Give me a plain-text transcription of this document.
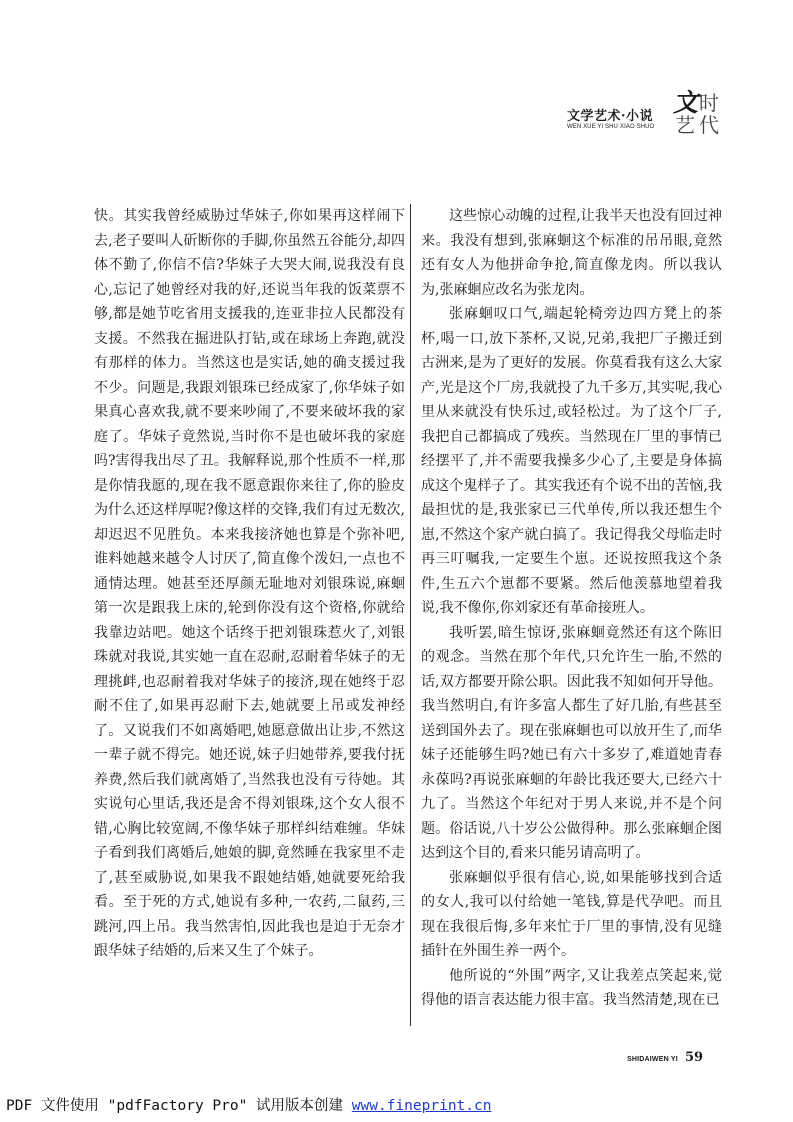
文学艺术·小说
WEN XUE YI SHU·XIAO SHUO
文 时
艺 代

快。其实我曾经威胁过华妹子,你如果再这样闹下去,老子要叫人斫断你的手脚,你虽然五谷能分,却四体不勤了,你信不信?华妹子大哭大闹,说我没有良心,忘记了她曾经对我的好,还说当年我的饭菜票不够,都是她节吃省用支援我的,连亚非拉人民都没有支援。不然我在掘进队打钻,或在球场上奔跑,就没有那样的体力。当然这也是实话,她的确支援过我不少。问题是,我跟刘银珠已经成家了,你华妹子如果真心喜欢我,就不要来吵闹了,不要来破坏我的家庭了。华妹子竟然说,当时你不是也破坏我的家庭吗?害得我出尽了丑。我解释说,那个性质不一样,那是你情我愿的,现在我不愿意跟你来往了,你的脸皮为什么还这样厚呢?像这样的交锋,我们有过无数次,却迟迟不见胜负。本来我接济她也算是个弥补吧,谁料她越来越令人讨厌了,简直像个泼妇,一点也不通情达理。她甚至还厚颜无耻地对刘银珠说,麻蛔第一次是跟我上床的,轮到你没有这个资格,你就给我靠边站吧。她这个话终于把刘银珠惹火了,刘银珠就对我说,其实她一直在忍耐,忍耐着华妹子的无理挑衅,也忍耐着我对华妹子的接济,现在她终于忍耐不住了,如果再忍耐下去,她就要上吊或发神经了。又说我们不如离婚吧,她愿意做出让步,不然这一辈子就不得完。她还说,妹子归她带养,要我付抚养费,然后我们就离婚了,当然我也没有亏待她。其实说句心里话,我还是舍不得刘银珠,这个女人很不错,心胸比较宽阔,不像华妹子那样纠结难缠。华妹子看到我们离婚后,她娘的脚,竟然睡在我家里不走了,甚至威胁说,如果我不跟她结婚,她就要死给我看。至于死的方式,她说有多种,一农药,二鼠药,三跳河,四上吊。我当然害怕,因此我也是迫于无奈才跟华妹子结婚的,后来又生了个妹子。

这些惊心动魄的过程,让我半天也没有回过神来。我没有想到,张麻蛔这个标准的吊吊眼,竟然还有女人为他拼命争抢,简直像龙肉。所以我认为,张麻蛔应改名为张龙肉。

张麻蛔叹口气,端起轮椅旁边四方凳上的茶杯,喝一口,放下茶杯,又说,兄弟,我把厂子搬迁到古洲来,是为了更好的发展。你莫看我有这么大家产,光是这个厂房,我就投了九千多万,其实呢,我心里从来就没有快乐过,或轻松过。为了这个厂子,我把自己都搞成了残疾。当然现在厂里的事情已经摆平了,并不需要我操多少心了,主要是身体搞成这个鬼样子了。其实我还有个说不出的苦恼,我最担忧的是,我张家已三代单传,所以我还想生个崽,不然这个家产就白搞了。我记得我父母临走时再三叮嘱我,一定要生个崽。还说按照我这个条件,生五六个崽都不要紧。然后他羡慕地望着我说,我不像你,你刘家还有革命接班人。

我听罢,暗生惊讶,张麻蛔竟然还有这个陈旧的观念。当然在那个年代,只允许生一胎,不然的话,双方都要开除公职。因此我不知如何开导他。我当然明白,有许多富人都生了好几胎,有些甚至送到国外去了。现在张麻蛔也可以放开生了,而华妹子还能够生吗?她已有六十多岁了,难道她青春永葆吗?再说张麻蛔的年龄比我还要大,已经六十九了。当然这个年纪对于男人来说,并不是个问题。俗话说,八十岁公公做得种。那么张麻蛔企图达到这个目的,看来只能另请高明了。

张麻蛔似乎很有信心,说,如果能够找到合适的女人,我可以付给她一笔钱,算是代孕吧。而且现在我很后悔,多年来忙于厂里的事情,没有见缝插针在外围生养一两个。

他所说的“外围”两字,又让我差点笑起来,觉得他的语言表达能力很丰富。我当然清楚,现在已

SHIDAIWEN YI 59
PDF 文件使用 "pdfFactory Pro" 试用版本创建 www.fineprint.cn
